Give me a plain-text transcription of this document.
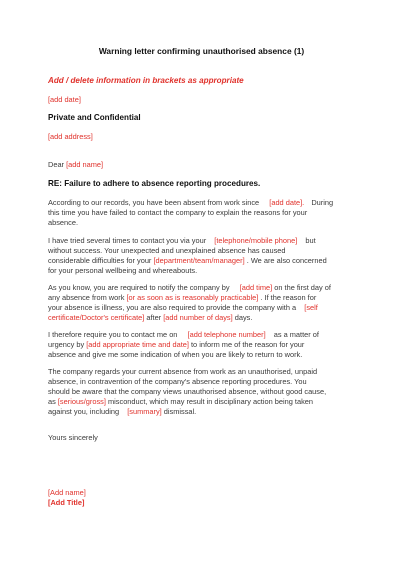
Warning letter confirming unauthorised absence (1)
Add / delete information in brackets as appropriate
[add date]
Private and Confidential
[add address]
Dear [add name]
RE: Failure to adhere to absence reporting procedures.
According to our records, you have been absent from work since [add date]. During
this time you have failed to contact the company to explain the reasons for your
absence.
I have tried several times to contact you via your [telephone/mobile phone] but
without success. Your unexpected and unexplained absence has caused
considerable difficulties for your [department/team/manager] . We are also concerned
for your personal wellbeing and whereabouts.
As you know, you are required to notify the company by [add time] on the first day of
any absence from work [or as soon as is reasonably practicable] . If the reason for
your absence is illness, you are also required to provide the company with a [self
certificate/Doctor's certificate] after [add number of days] days.
I therefore require you to contact me on [add telephone number] as a matter of
urgency by [add appropriate time and date] to inform me of the reason for your
absence and give me some indication of when you are likely to return to work.
The company regards your current absence from work as an unauthorised, unpaid
absence, in contravention of the company's absence reporting procedures. You
should be aware that the company views unauthorised absence, without good cause,
as [serious/gross] misconduct, which may result in disciplinary action being taken
against you, including [summary] dismissal.
Yours sincerely
[Add name]
[Add Title]
